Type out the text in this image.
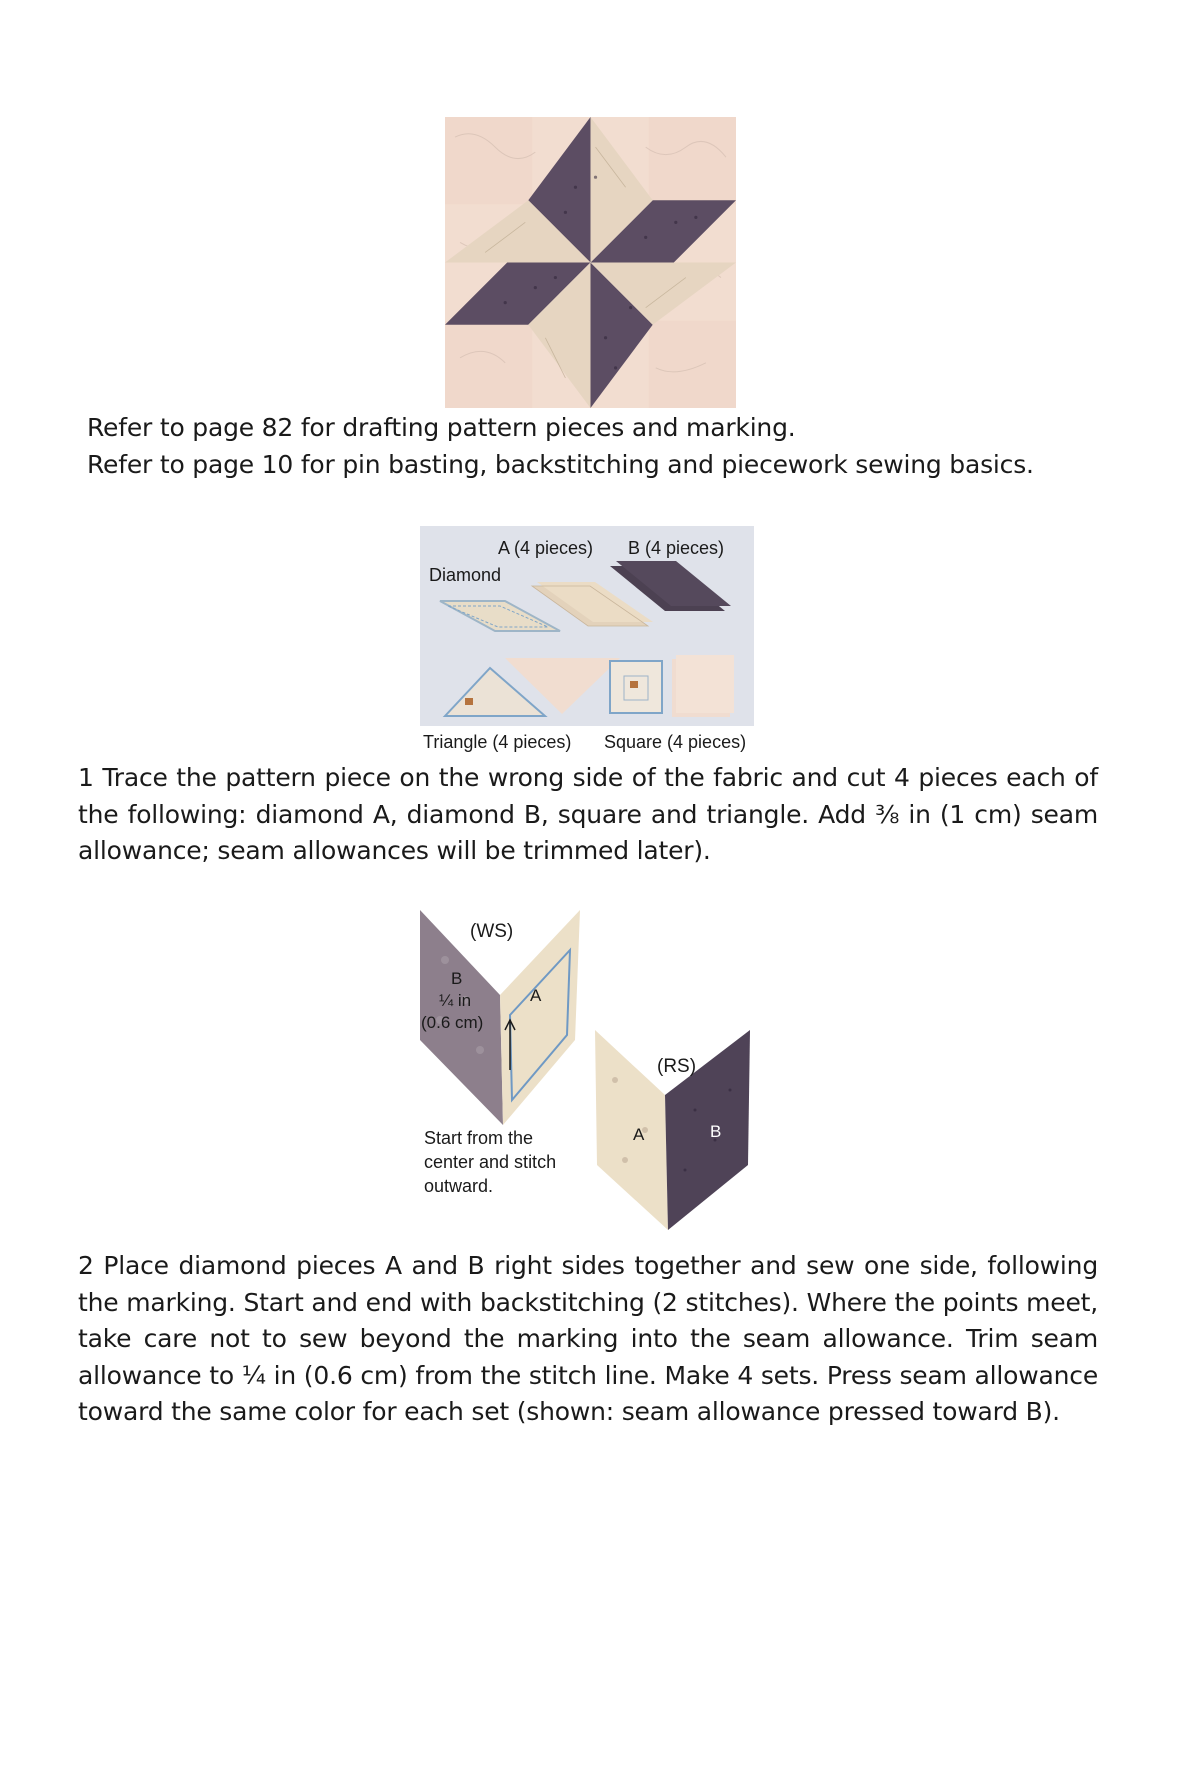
Refer to page 82 for drafting pattern pieces and marking.

Refer to page 10 for pin basting, backstitching and piecework sewing basics.

A (4 pieces) B (4 pieces)
Diamond
Triangle (4 pieces) Square (4 pieces)

1 Trace the pattern piece on the wrong side of the fabric and cut 4 pieces each of the following: diamond A, diamond B, square and triangle. Add ⅜ in (1 cm) seam allowance; seam allowances will be trimmed later).

(WS)
B
A
¼ in
(0.6 cm)
(RS)
A	B
Start from the
center and stitch
outward.

2 Place diamond pieces A and B right sides together and sew one side, following the marking. Start and end with backstitching (2 stitches). Where the points meet, take care not to sew beyond the marking into the seam allowance. Trim seam allowance to ¼ in (0.6 cm) from the stitch line. Make 4 sets. Press seam allowance toward the same color for each set (shown: seam allowance pressed toward B).
